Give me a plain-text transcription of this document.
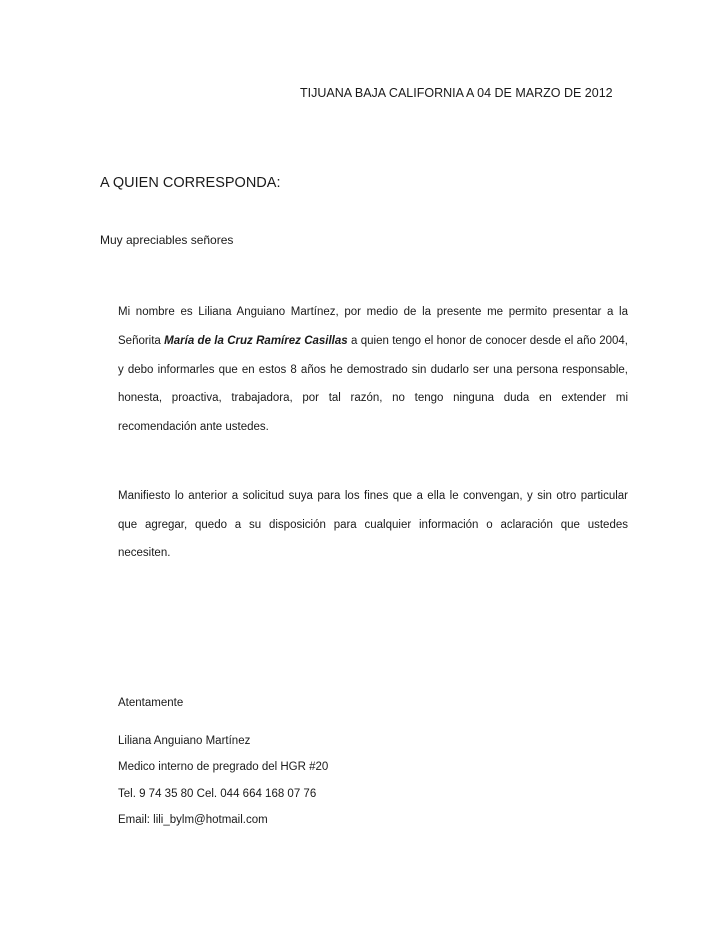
TIJUANA BAJA CALIFORNIA A 04 DE MARZO DE 2012
A QUIEN CORRESPONDA:
Muy apreciables señores
Mi nombre es Liliana Anguiano Martínez, por medio de la presente me permito presentar a la
Señorita María de la Cruz Ramírez Casillas a quien tengo el honor de conocer desde el año 2004,
y debo informarles que en estos 8 años he demostrado sin dudarlo ser una persona responsable,
honesta, proactiva, trabajadora, por tal razón, no tengo ninguna duda en extender mi
recomendación ante ustedes.
Manifiesto lo anterior a solicitud suya para los fines que a ella le convengan, y sin otro particular
que agregar, quedo a su disposición para cualquier información o aclaración que ustedes
necesiten.
Atentamente
Liliana Anguiano Martínez
Medico interno de pregrado del HGR #20
Tel. 9 74 35 80 Cel. 044 664 168 07 76
Email: lili_bylm@hotmail.com
